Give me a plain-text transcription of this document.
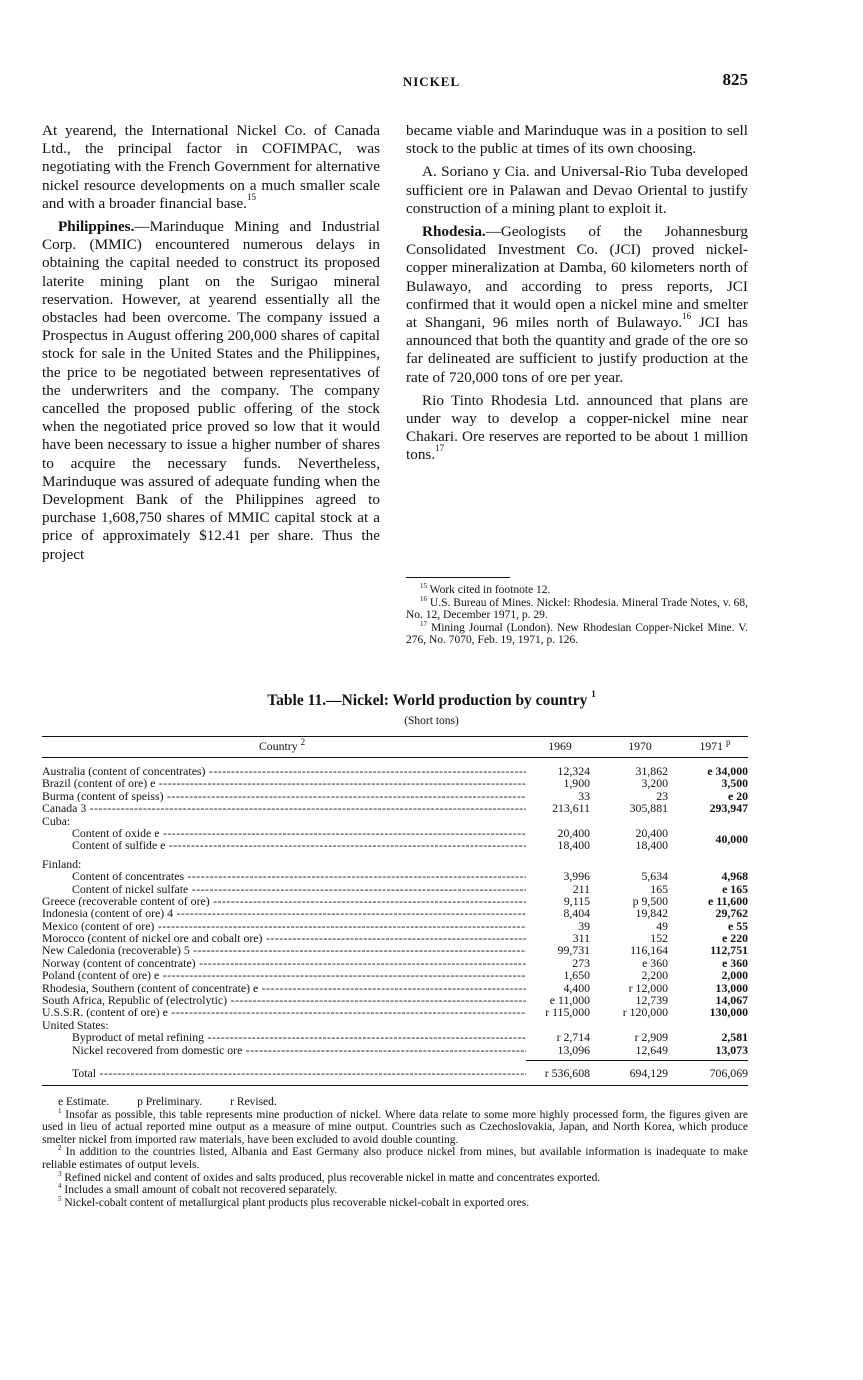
NICKEL	825

At yearend, the International Nickel Co. of Canada Ltd., the principal factor in COFIMPAC, was negotiating with the French Government for alternative nickel resource developments on a much smaller scale and with a broader financial base.$^{15}$

Philippines.—Marinduque Mining and Industrial Corp. (MMIC) encountered numerous delays in obtaining the capital needed to construct its proposed laterite mining plant on the Surigao mineral reservation. However, at yearend essentially all the obstacles had been overcome. The company issued a Prospectus in August offering 200,000 shares of capital stock for sale in the United States and the Philippines, the price to be negotiated between representatives of the underwriters and the company. The company cancelled the proposed public offering of the stock when the negotiated price proved so low that it would have been necessary to issue a higher number of shares to acquire the necessary funds. Nevertheless, Marinduque was assured of adequate funding when the Development Bank of the Philippines agreed to purchase 1,608,750 shares of MMIC capital stock at a price of approximately $12.41 per share. Thus the project

became viable and Marinduque was in a position to sell stock to the public at times of its own choosing.

A. Soriano y Cia. and Universal-Rio Tuba developed sufficient ore in Palawan and Devao Oriental to justify construction of a mining plant to exploit it.

Rhodesia.—Geologists of the Johannesburg Consolidated Investment Co. (JCI) proved nickel-copper mineralization at Damba, 60 kilometers north of Bulawayo, and according to press reports, JCI confirmed that it would open a nickel mine and smelter at Shangani, 96 miles north of Bulawayo.$^{16}$ JCI has announced that both the quantity and grade of the ore so far delineated are sufficient to justify production at the rate of 720,000 tons of ore per year.

Rio Tinto Rhodesia Ltd. announced that plans are under way to develop a copper-nickel mine near Chakari. Ore reserves are reported to be about 1 million tons.$^{17}$

$^{15}$ Work cited in footnote 12.

$^{16}$ U.S. Bureau of Mines. Nickel: Rhodesia. Mineral Trade Notes, v. 68, No. 12, December 1971, p. 29.

$^{17}$ Mining Journal (London). New Rhodesian Copper-Nickel Mine. V. 276, No. 7070, Feb. 19, 1971, p. 126.

Table 11.—Nickel: World production by country $^1$
(Short tons)
Country $^2$	1969	1970	1971 $^p$
Australia (content of concentrates) -----	12,324	31,862	e 34,000
Brazil (content of ore) e -----	1,900	3,200	3,500
Burma (content of speiss) -----	33	23	e 20
Canada 3 -----	213,611	305,881	293,947
Cuba:
Content of oxide e -----	20,400	20,400	40,000
Content of sulfide e -----	18,400	18,400
Finland:
Content of concentrates -----	3,996	5,634	4,968
Content of nickel sulfate -----	211	165	e 165
Greece (recoverable content of ore) -----	9,115	p 9,500	e 11,600
Indonesia (content of ore) 4 -----	8,404	19,842	29,762
Mexico (content of ore) -----	39	49	e 55
Morocco (content of nickel ore and cobalt ore) -----	311	152	e 220
New Caledonia (recoverable) 5 -----	99,731	116,164	112,751
Norway (content of concentrate) -----	273	e 360	e 360
Poland (content of ore) e -----	1,650	2,200	2,000
Rhodesia, Southern (content of concentrate) e -----	4,400	r 12,000	13,000
South Africa, Republic of (electrolytic) -----	e 11,000	12,739	14,067
U.S.S.R. (content of ore) e -----	r 115,000	r 120,000	130,000
United States:
Byproduct of metal refining -----	r 2,714	r 2,909	2,581
Nickel recovered from domestic ore -----	13,096	12,649	13,073
Total -----	r 536,608	694,129	706,069

e Estimate. p Preliminary. r Revised.

$^1$ Insofar as possible, this table represents mine production of nickel. Where data relate to some more highly processed form, the figures given are used in lieu of actual reported mine output as a measure of mine output. Countries such as Czechoslovakia, Japan, and North Korea, which produce smelter nickel from imported raw materials, have been excluded to avoid double counting.

$^2$ In addition to the countries listed, Albania and East Germany also produce nickel from mines, but available information is inadequate to make reliable estimates of output levels.

$^3$ Refined nickel and content of oxides and salts produced, plus recoverable nickel in matte and concentrates exported.

$^4$ Includes a small amount of cobalt not recovered separately.

$^5$ Nickel-cobalt content of metallurgical plant products plus recoverable nickel-cobalt in exported ores.
